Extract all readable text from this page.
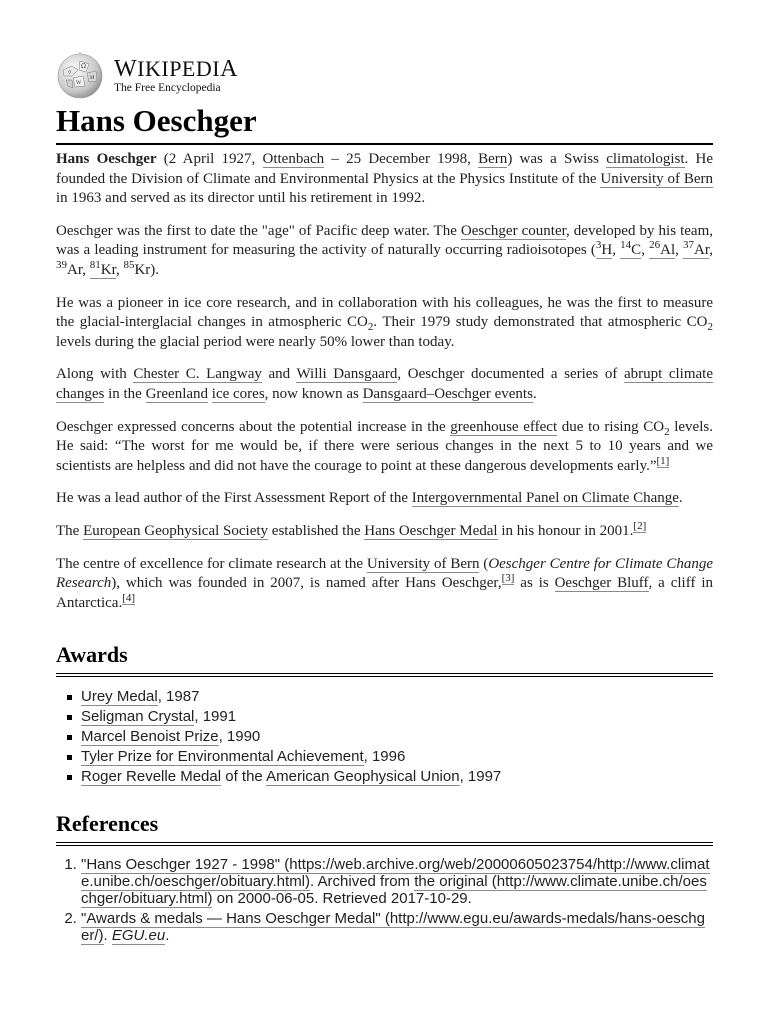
Ω
И
W
ウ WIKIPEDIA
The Free Encyclopedia
Hans Oeschger

Hans Oeschger (2 April 1927, Ottenbach – 25 December 1998, Bern) was a Swiss climatologist. He founded the Division of Climate and Environmental Physics at the Physics Institute of the University of Bern in 1963 and served as its director until his retirement in 1992.

Oeschger was the first to date the "age" of Pacific deep water. The Oeschger counter, developed by his team, was a leading instrument for measuring the activity of naturally occurring radioisotopes ($^3$H, $^{14}$C, $^{26}$Al, $^{37}$Ar, $^{39}$Ar, $^{81}$Kr, $^{85}$Kr).

He was a pioneer in ice core research, and in collaboration with his colleagues, he was the first to measure the glacial-interglacial changes in atmospheric $CO_2$. Their 1979 study demonstrated that atmospheric $CO_2$ levels during the glacial period were nearly 50% lower than today.

Along with Chester C. Langway and Willi Dansgaard, Oeschger documented a series of abrupt climate changes in the Greenland ice cores, now known as Dansgaard–Oeschger events.

Oeschger expressed concerns about the potential increase in the greenhouse effect due to rising $CO_2$ levels. He said: “The worst for me would be, if there were serious changes in the next 5 to 10 years and we scientists are helpless and did not have the courage to point at these dangerous developments early.”[1]

He was a lead author of the First Assessment Report of the Intergovernmental Panel on Climate Change.

The European Geophysical Society established the Hans Oeschger Medal in his honour in 2001.[2]

The centre of excellence for climate research at the University of Bern (Oeschger Centre for Climate Change Research), which was founded in 2007, is named after Hans Oeschger,[3] as is Oeschger Bluff, a cliff in Antarctica.[4]

Awards
Urey Medal, 1987
Seligman Crystal, 1991
Marcel Benoist Prize, 1990
Tyler Prize for Environmental Achievement, 1996
Roger Revelle Medal of the American Geophysical Union, 1997
References
1. "Hans Oeschger 1927 - 1998" (https://web.archive.org/web/20000605023754/http://www.climate.unibe.ch/oeschger/obituary.html). Archived from the original (http://www.climate.unibe.ch/oeschger/obituary.html) on 2000-06-05. Retrieved 2017-10-29.
2. "Awards & medals — Hans Oeschger Medal" (http://www.egu.eu/awards-medals/hans-oeschger/). EGU.eu.
